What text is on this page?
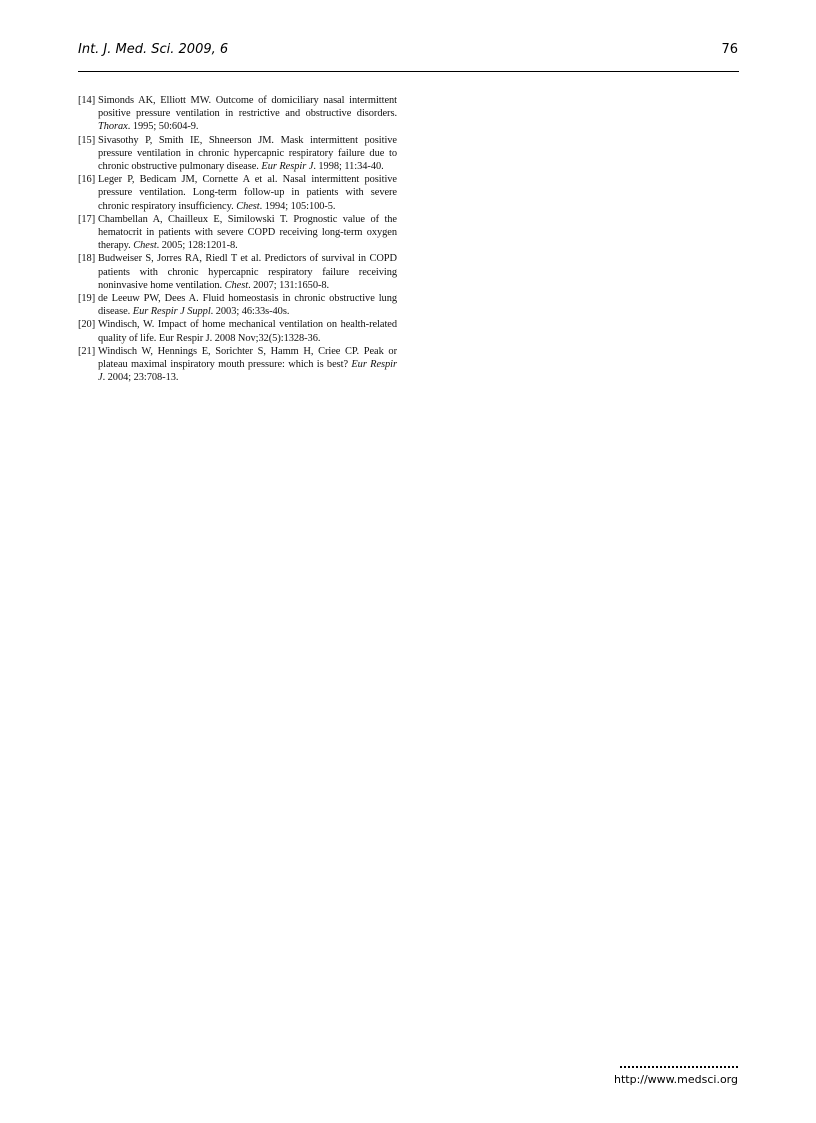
Int. J. Med. Sci. 2009, 6	76
[14] Simonds AK, Elliott MW. Outcome of domiciliary nasal intermittent positive pressure ventilation in restrictive and obstructive disorders. Thorax. 1995; 50:604-9.
[15] Sivasothy P, Smith IE, Shneerson JM. Mask intermittent positive pressure ventilation in chronic hypercapnic respiratory failure due to chronic obstructive pulmonary disease. Eur Respir J. 1998; 11:34-40.
[16] Leger P, Bedicam JM, Cornette A et al. Nasal intermittent positive pressure ventilation. Long-term follow-up in patients with severe chronic respiratory insufficiency. Chest. 1994; 105:100-5.
[17] Chambellan A, Chailleux E, Similowski T. Prognostic value of the hematocrit in patients with severe COPD receiving long-term oxygen therapy. Chest. 2005; 128:1201-8.
[18] Budweiser S, Jorres RA, Riedl T et al. Predictors of survival in COPD patients with chronic hypercapnic respiratory failure receiving noninvasive home ventilation. Chest. 2007; 131:1650-8.
[19] de Leeuw PW, Dees A. Fluid homeostasis in chronic obstructive lung disease. Eur Respir J Suppl. 2003; 46:33s-40s.
[20] Windisch, W. Impact of home mechanical ventilation on health-related quality of life. Eur Respir J. 2008 Nov;32(5):1328-36.
[21] Windisch W, Hennings E, Sorichter S, Hamm H, Criee CP. Peak or plateau maximal inspiratory mouth pressure: which is best? Eur Respir J. 2004; 23:708-13.
http://www.medsci.org
